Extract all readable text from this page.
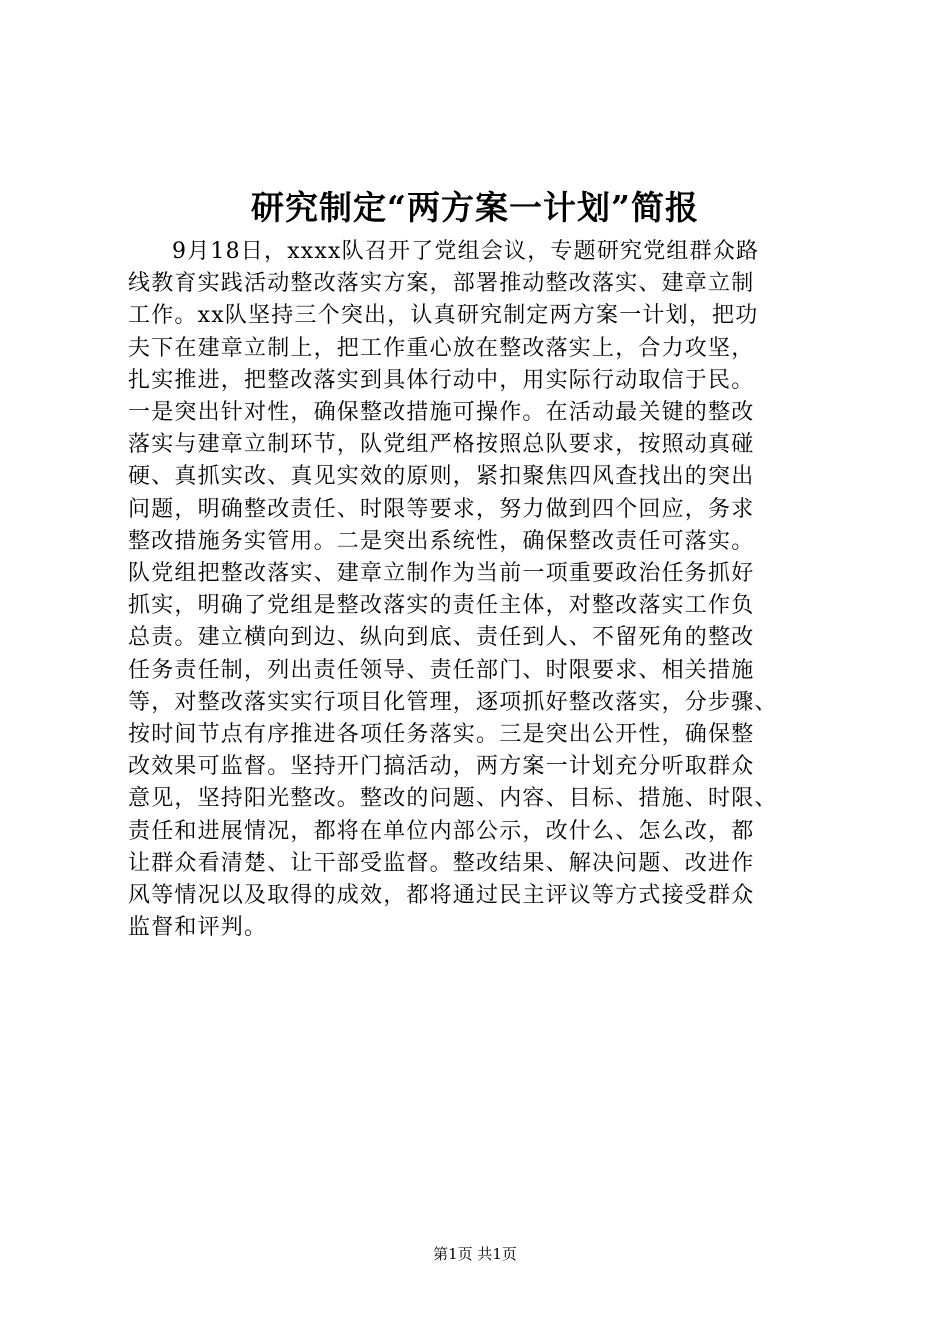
研究制定“两方案一计划”简报
9月18日，xxxx队召开了党组会议，专题研究党组群众路
线教育实践活动整改落实方案，部署推动整改落实、建章立制
工作。xx队坚持三个突出，认真研究制定两方案一计划，把功
夫下在建章立制上，把工作重心放在整改落实上，合力攻坚，
扎实推进，把整改落实到具体行动中，用实际行动取信于民。
一是突出针对性，确保整改措施可操作。在活动最关键的整改
落实与建章立制环节，队党组严格按照总队要求，按照动真碰
硬、真抓实改、真见实效的原则，紧扣聚焦四风查找出的突出
问题，明确整改责任、时限等要求，努力做到四个回应，务求
整改措施务实管用。二是突出系统性，确保整改责任可落实。
队党组把整改落实、建章立制作为当前一项重要政治任务抓好
抓实，明确了党组是整改落实的责任主体，对整改落实工作负
总责。建立横向到边、纵向到底、责任到人、不留死角的整改
任务责任制，列出责任领导、责任部门、时限要求、相关措施
等，对整改落实实行项目化管理，逐项抓好整改落实，分步骤、
按时间节点有序推进各项任务落实。三是突出公开性，确保整
改效果可监督。坚持开门搞活动，两方案一计划充分听取群众
意见，坚持阳光整改。整改的问题、内容、目标、措施、时限、
责任和进展情况，都将在单位内部公示，改什么、怎么改，都
让群众看清楚、让干部受监督。整改结果、解决问题、改进作
风等情况以及取得的成效，都将通过民主评议等方式接受群众
监督和评判。
第1页 共1页
